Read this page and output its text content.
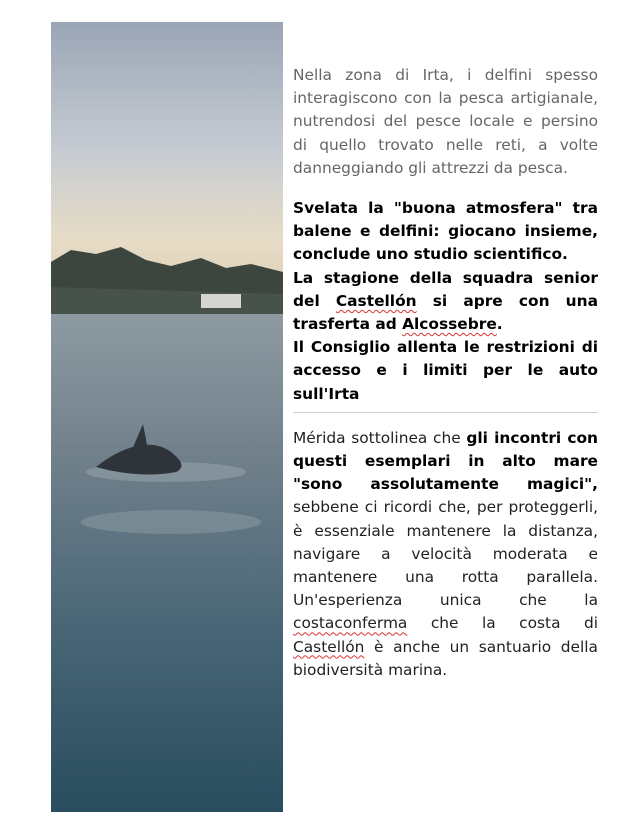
Nella zona di Irta, i delfini spesso interagiscono con la pesca artigianale, nutrendosi del pesce locale e persino di quello trovato nelle reti, a volte danneggiando gli attrezzi da pesca.

Svelata la "buona atmosfera" tra balene e delfini: giocano insieme, conclude uno studio scientifico.

La stagione della squadra senior del Castellón si apre con una trasferta ad Alcossebre.

Il Consiglio allenta le restrizioni di accesso e i limiti per le auto sull'Irta

Mérida sottolinea che gli incontri con questi esemplari in alto mare "sono assolutamente magici", sebbene ci ricordi che, per proteggerli, è essenziale mantenere la distanza, navigare a velocità moderata e mantenere una rotta parallela. Un'esperienza unica che la costaconferma che la costa di Castellón è anche un santuario della biodiversità marina.
